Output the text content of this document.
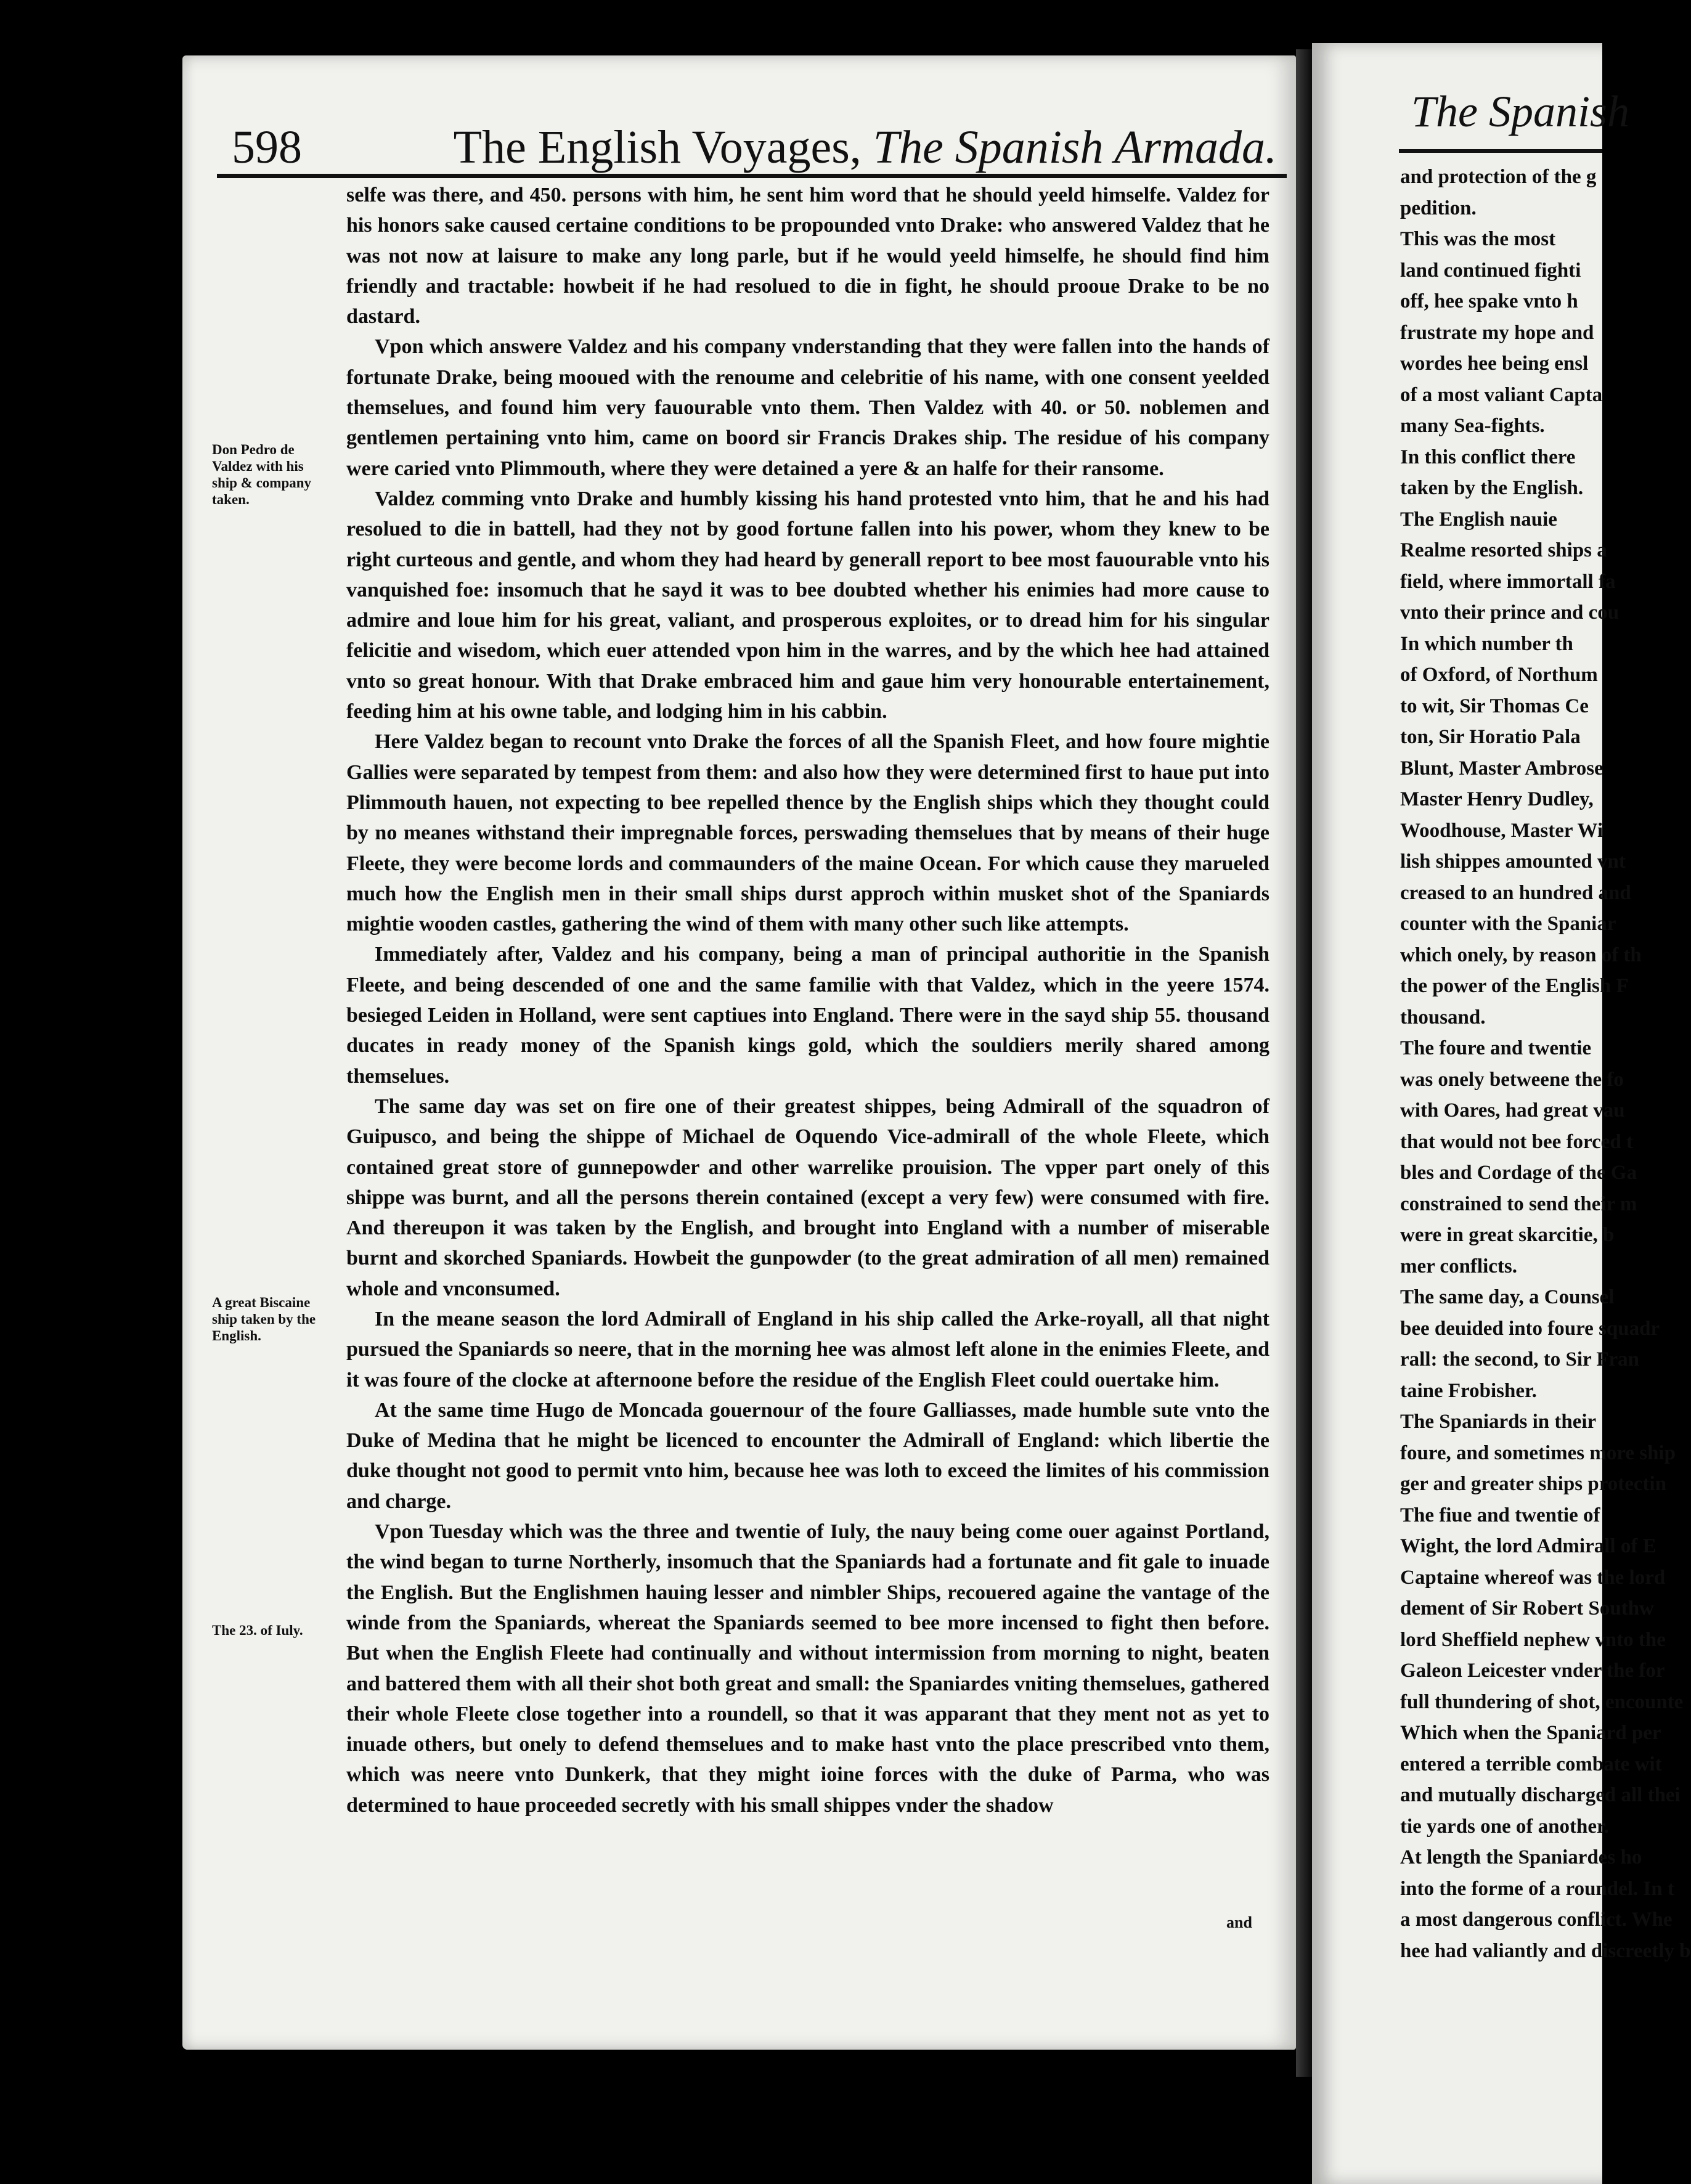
598	The English Voyages, The Spanish Armada.

selfe was there, and 450. persons with him, he sent him word that he should yeeld himselfe. Valdez for his honors sake caused certaine conditions to be propounded vnto Drake: who answered Valdez that he was not now at laisure to make any long parle, but if he would yeeld himselfe, he should find him friendly and tractable: howbeit if he had resolued to die in fight, he should prooue Drake to be no dastard.

Vpon which answere Valdez and his company vnderstanding that they were fallen into the hands of fortunate Drake, being mooued with the renoume and celebritie of his name, with one consent yeelded themselues, and found him very fauourable vnto them. Then Valdez with 40. or 50. noblemen and gentlemen pertaining vnto him, came on boord sir Francis Drakes ship. The residue of his company were caried vnto Plimmouth, where they were detained a yere & an halfe for their ransome.

Valdez comming vnto Drake and humbly kissing his hand protested vnto him, that he and his had resolued to die in battell, had they not by good fortune fallen into his power, whom they knew to be right curteous and gentle, and whom they had heard by generall report to bee most fauourable vnto his vanquished foe: insomuch that he sayd it was to bee doubted whether his enimies had more cause to admire and loue him for his great, valiant, and prosperous exploites, or to dread him for his singular felicitie and wisedom, which euer attended vpon him in the warres, and by the which hee had attained vnto so great honour. With that Drake embraced him and gaue him very honourable entertainement, feeding him at his owne table, and lodging him in his cabbin.

Here Valdez began to recount vnto Drake the forces of all the Spanish Fleet, and how foure mightie Gallies were separated by tempest from them: and also how they were determined first to haue put into Plimmouth hauen, not expecting to bee repelled thence by the English ships which they thought could by no meanes withstand their impregnable forces, perswading themselues that by means of their huge Fleete, they were become lords and commaunders of the maine Ocean. For which cause they marueled much how the English men in their small ships durst approch within musket shot of the Spaniards mightie wooden castles, gathering the wind of them with many other such like attempts.

Immediately after, Valdez and his company, being a man of principal authoritie in the Spanish Fleete, and being descended of one and the same familie with that Valdez, which in the yeere 1574. besieged Leiden in Holland, were sent captiues into England. There were in the sayd ship 55. thousand ducates in ready money of the Spanish kings gold, which the souldiers merily shared among themselues.

The same day was set on fire one of their greatest shippes, being Admirall of the squadron of Guipusco, and being the shippe of Michael de Oquendo Vice-admirall of the whole Fleete, which contained great store of gunnepowder and other warrelike prouision. The vpper part onely of this shippe was burnt, and all the persons therein contained (except a very few) were consumed with fire. And thereupon it was taken by the English, and brought into England with a number of miserable burnt and skorched Spaniards. Howbeit the gunpowder (to the great admiration of all men) remained whole and vnconsumed.

In the meane season the lord Admirall of England in his ship called the Arke-royall, all that night pursued the Spaniards so neere, that in the morning hee was almost left alone in the enimies Fleete, and it was foure of the clocke at afternoone before the residue of the English Fleet could ouertake him.

At the same time Hugo de Moncada gouernour of the foure Galliasses, made humble sute vnto the Duke of Medina that he might be licenced to encounter the Admirall of England: which libertie the duke thought not good to permit vnto him, because hee was loth to exceed the limites of his commission and charge.

Vpon Tuesday which was the three and twentie of Iuly, the nauy being come ouer against Portland, the wind began to turne Northerly, insomuch that the Spaniards had a fortunate and fit gale to inuade the English. But the Englishmen hauing lesser and nimbler Ships, recouered againe the vantage of the winde from the Spaniards, whereat the Spaniards seemed to bee more incensed to fight then before. But when the English Fleete had continually and without intermission from morning to night, beaten and battered them with all their shot both great and small: the Spaniardes vniting themselues, gathered their whole Fleete close together into a roundell, so that it was apparant that they ment not as yet to inuade others, but onely to defend themselues and to make hast vnto the place prescribed vnto them, which was neere vnto Dunkerk, that they might ioine forces with the duke of Parma, who was determined to haue proceeded secretly with his small shippes vnder the shadow

and
Don Pedro de Valdez with his ship & company taken.
A great Biscaine ship taken by the English.
The 23. of Iuly.
The Spanish
and protection of the g
pedition.
This was the most
land continued fighti
off, hee spake vnto h
frustrate my hope and
wordes hee being ensl
of a most valiant Capta
many Sea-fights.
In this conflict there
taken by the English.
The English nauie
Realme resorted ships a
field, where immortall fa
vnto their prince and cou
In which number th
of Oxford, of Northum
to wit, Sir Thomas Ce
ton, Sir Horatio Pala
Blunt, Master Ambrose
Master Henry Dudley,
Woodhouse, Master Wi
lish shippes amounted vnt
creased to an hundred and
counter with the Spaniar
which onely, by reason of th
the power of the English F
thousand.
The foure and twentie
was onely betweene the fo
with Oares, had great vau
that would not bee forced t
bles and Cordage of the Ga
constrained to send their m
were in great skarcitie, b
mer conflicts.
The same day, a Counsel
bee deuided into foure squadr
rall: the second, to Sir Fran
taine Frobisher.
The Spaniards in their
foure, and sometimes more ship
ger and greater ships protectin
The fiue and twentie of
Wight, the lord Admirall of E
Captaine whereof was the lord
dement of Sir Robert Southw
lord Sheffield nephew vnto the
Galeon Leicester vnder the for
full thundering of shot, encounte
Which when the Spaniard per
entered a terrible combate wit
and mutually discharged all thei
tie yards one of another.
At length the Spaniardes ho
into the forme of a roundel. In t
a most dangerous conflict. Whe
hee had valiantly and discreetly b
